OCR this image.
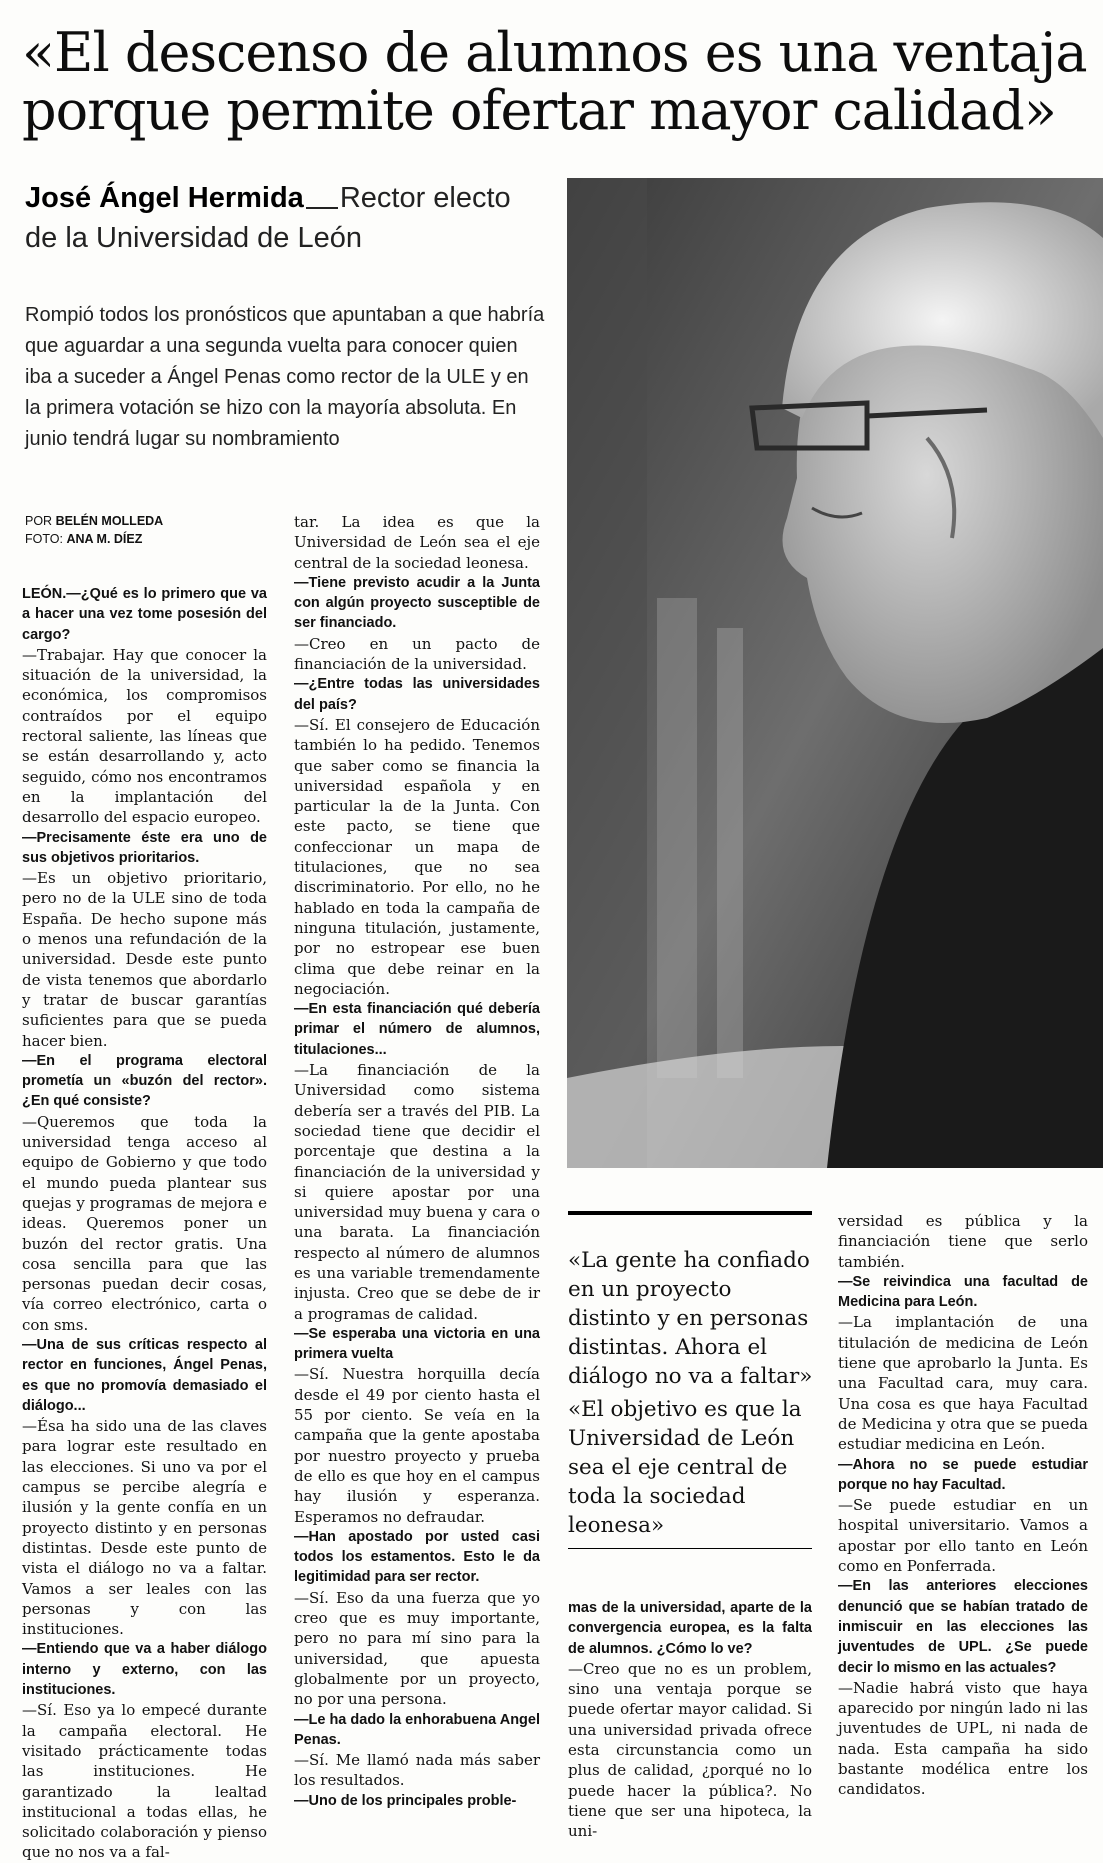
«El descenso de alumnos es una ventaja
porque permite ofertar mayor calidad»
José Ángel Hermida Rector electo de la Universidad de León
Rompió todos los pronósticos que apuntaban a que habría que aguardar a una segunda vuelta para conocer quien iba a suceder a Ángel Penas como rector de la ULE y en la primera votación se hizo con la mayoría absoluta. En junio tendrá lugar su nombramiento
POR BELÉN MOLLEDA
FOTO: ANA M. DÍEZ

LEÓN.—¿Qué es lo primero que va a hacer una vez tome posesión del cargo?

—Trabajar. Hay que conocer la situación de la universidad, la económica, los compromisos contraídos por el equipo rectoral saliente, las líneas que se están desarrollando y, acto seguido, cómo nos encontramos en la implantación del desarrollo del espacio europeo.

—Precisamente éste era uno de sus objetivos prioritarios.

—Es un objetivo prioritario, pero no de la ULE sino de toda España. De hecho supone más o menos una refundación de la universidad. Desde este punto de vista tenemos que abordarlo y tratar de buscar garantías suficientes para que se pueda hacer bien.

—En el programa electoral prometía un «buzón del rector». ¿En qué consiste?

—Queremos que toda la universidad tenga acceso al equipo de Gobierno y que todo el mundo pueda plantear sus quejas y programas de mejora e ideas. Queremos poner un buzón del rector gratis. Una cosa sencilla para que las personas puedan decir cosas, vía correo electrónico, carta o con sms.

—Una de sus críticas respecto al rector en funciones, Ángel Penas, es que no promovía demasiado el diálogo...

—Ésa ha sido una de las claves para lograr este resultado en las elecciones. Si uno va por el campus se percibe alegría e ilusión y la gente confía en un proyecto distinto y en personas distintas. Desde este punto de vista el diálogo no va a faltar. Vamos a ser leales con las personas y con las instituciones.

—Entiendo que va a haber diálogo interno y externo, con las instituciones.

—Sí. Eso ya lo empecé durante la campaña electoral. He visitado prácticamente todas las instituciones. He garantizado la lealtad institucional a todas ellas, he solicitado colaboración y pienso que no nos va a fal-

tar. La idea es que la Universidad de León sea el eje central de la sociedad leonesa.

—Tiene previsto acudir a la Junta con algún proyecto susceptible de ser financiado.

—Creo en un pacto de financiación de la universidad.

—¿Entre todas las universidades del país?

—Sí. El consejero de Educación también lo ha pedido. Tenemos que saber como se financia la universidad española y en particular la de la Junta. Con este pacto, se tiene que confeccionar un mapa de titulaciones, que no sea discriminatorio. Por ello, no he hablado en toda la campaña de ninguna titulación, justamente, por no estropear ese buen clima que debe reinar en la negociación.

—En esta financiación qué debería primar el número de alumnos, titulaciones...

—La financiación de la Universidad como sistema debería ser a través del PIB. La sociedad tiene que decidir el porcentaje que destina a la financiación de la universidad y si quiere apostar por una universidad muy buena y cara o una barata. La financiación respecto al número de alumnos es una variable tremendamente injusta. Creo que se debe de ir a programas de calidad.

—Se esperaba una victoria en una primera vuelta

—Sí. Nuestra horquilla decía desde el 49 por ciento hasta el 55 por ciento. Se veía en la campaña que la gente apostaba por nuestro proyecto y prueba de ello es que hoy en el campus hay ilusión y esperanza. Esperamos no defraudar.

—Han apostado por usted casi todos los estamentos. Esto le da legitimidad para ser rector.

—Sí. Eso da una fuerza que yo creo que es muy importante, pero no para mí sino para la universidad, que apuesta globalmente por un proyecto, no por una persona.

—Le ha dado la enhorabuena Angel Penas.

—Sí. Me llamó nada más saber los resultados.

—Uno de los principales proble-

«La gente ha confiado en un proyecto distinto y en personas distintas. Ahora el diálogo no va a faltar»
«El objetivo es que la Universidad de León sea el eje central de toda la sociedad leonesa»

mas de la universidad, aparte de la convergencia europea, es la falta de alumnos. ¿Cómo lo ve?

—Creo que no es un problem, sino una ventaja porque se puede ofertar mayor calidad. Si una universidad privada ofrece esta circunstancia como un plus de calidad, ¿porqué no lo puede hacer la pública?. No tiene que ser una hipoteca, la uni-

versidad es pública y la financiación tiene que serlo también.

—Se reivindica una facultad de Medicina para León.

—La implantación de una titulación de medicina de León tiene que aprobarlo la Junta. Es una Facultad cara, muy cara. Una cosa es que haya Facultad de Medicina y otra que se pueda estudiar medicina en León.

—Ahora no se puede estudiar porque no hay Facultad.

—Se puede estudiar en un hospital universitario. Vamos a apostar por ello tanto en León como en Ponferrada.

—En las anteriores elecciones denunció que se habían tratado de inmiscuir en las elecciones las juventudes de UPL. ¿Se puede decir lo mismo en las actuales?

—Nadie habrá visto que haya aparecido por ningún lado ni las juventudes de UPL, ni nada de nada. Esta campaña ha sido bastante modélica entre los candidatos.
